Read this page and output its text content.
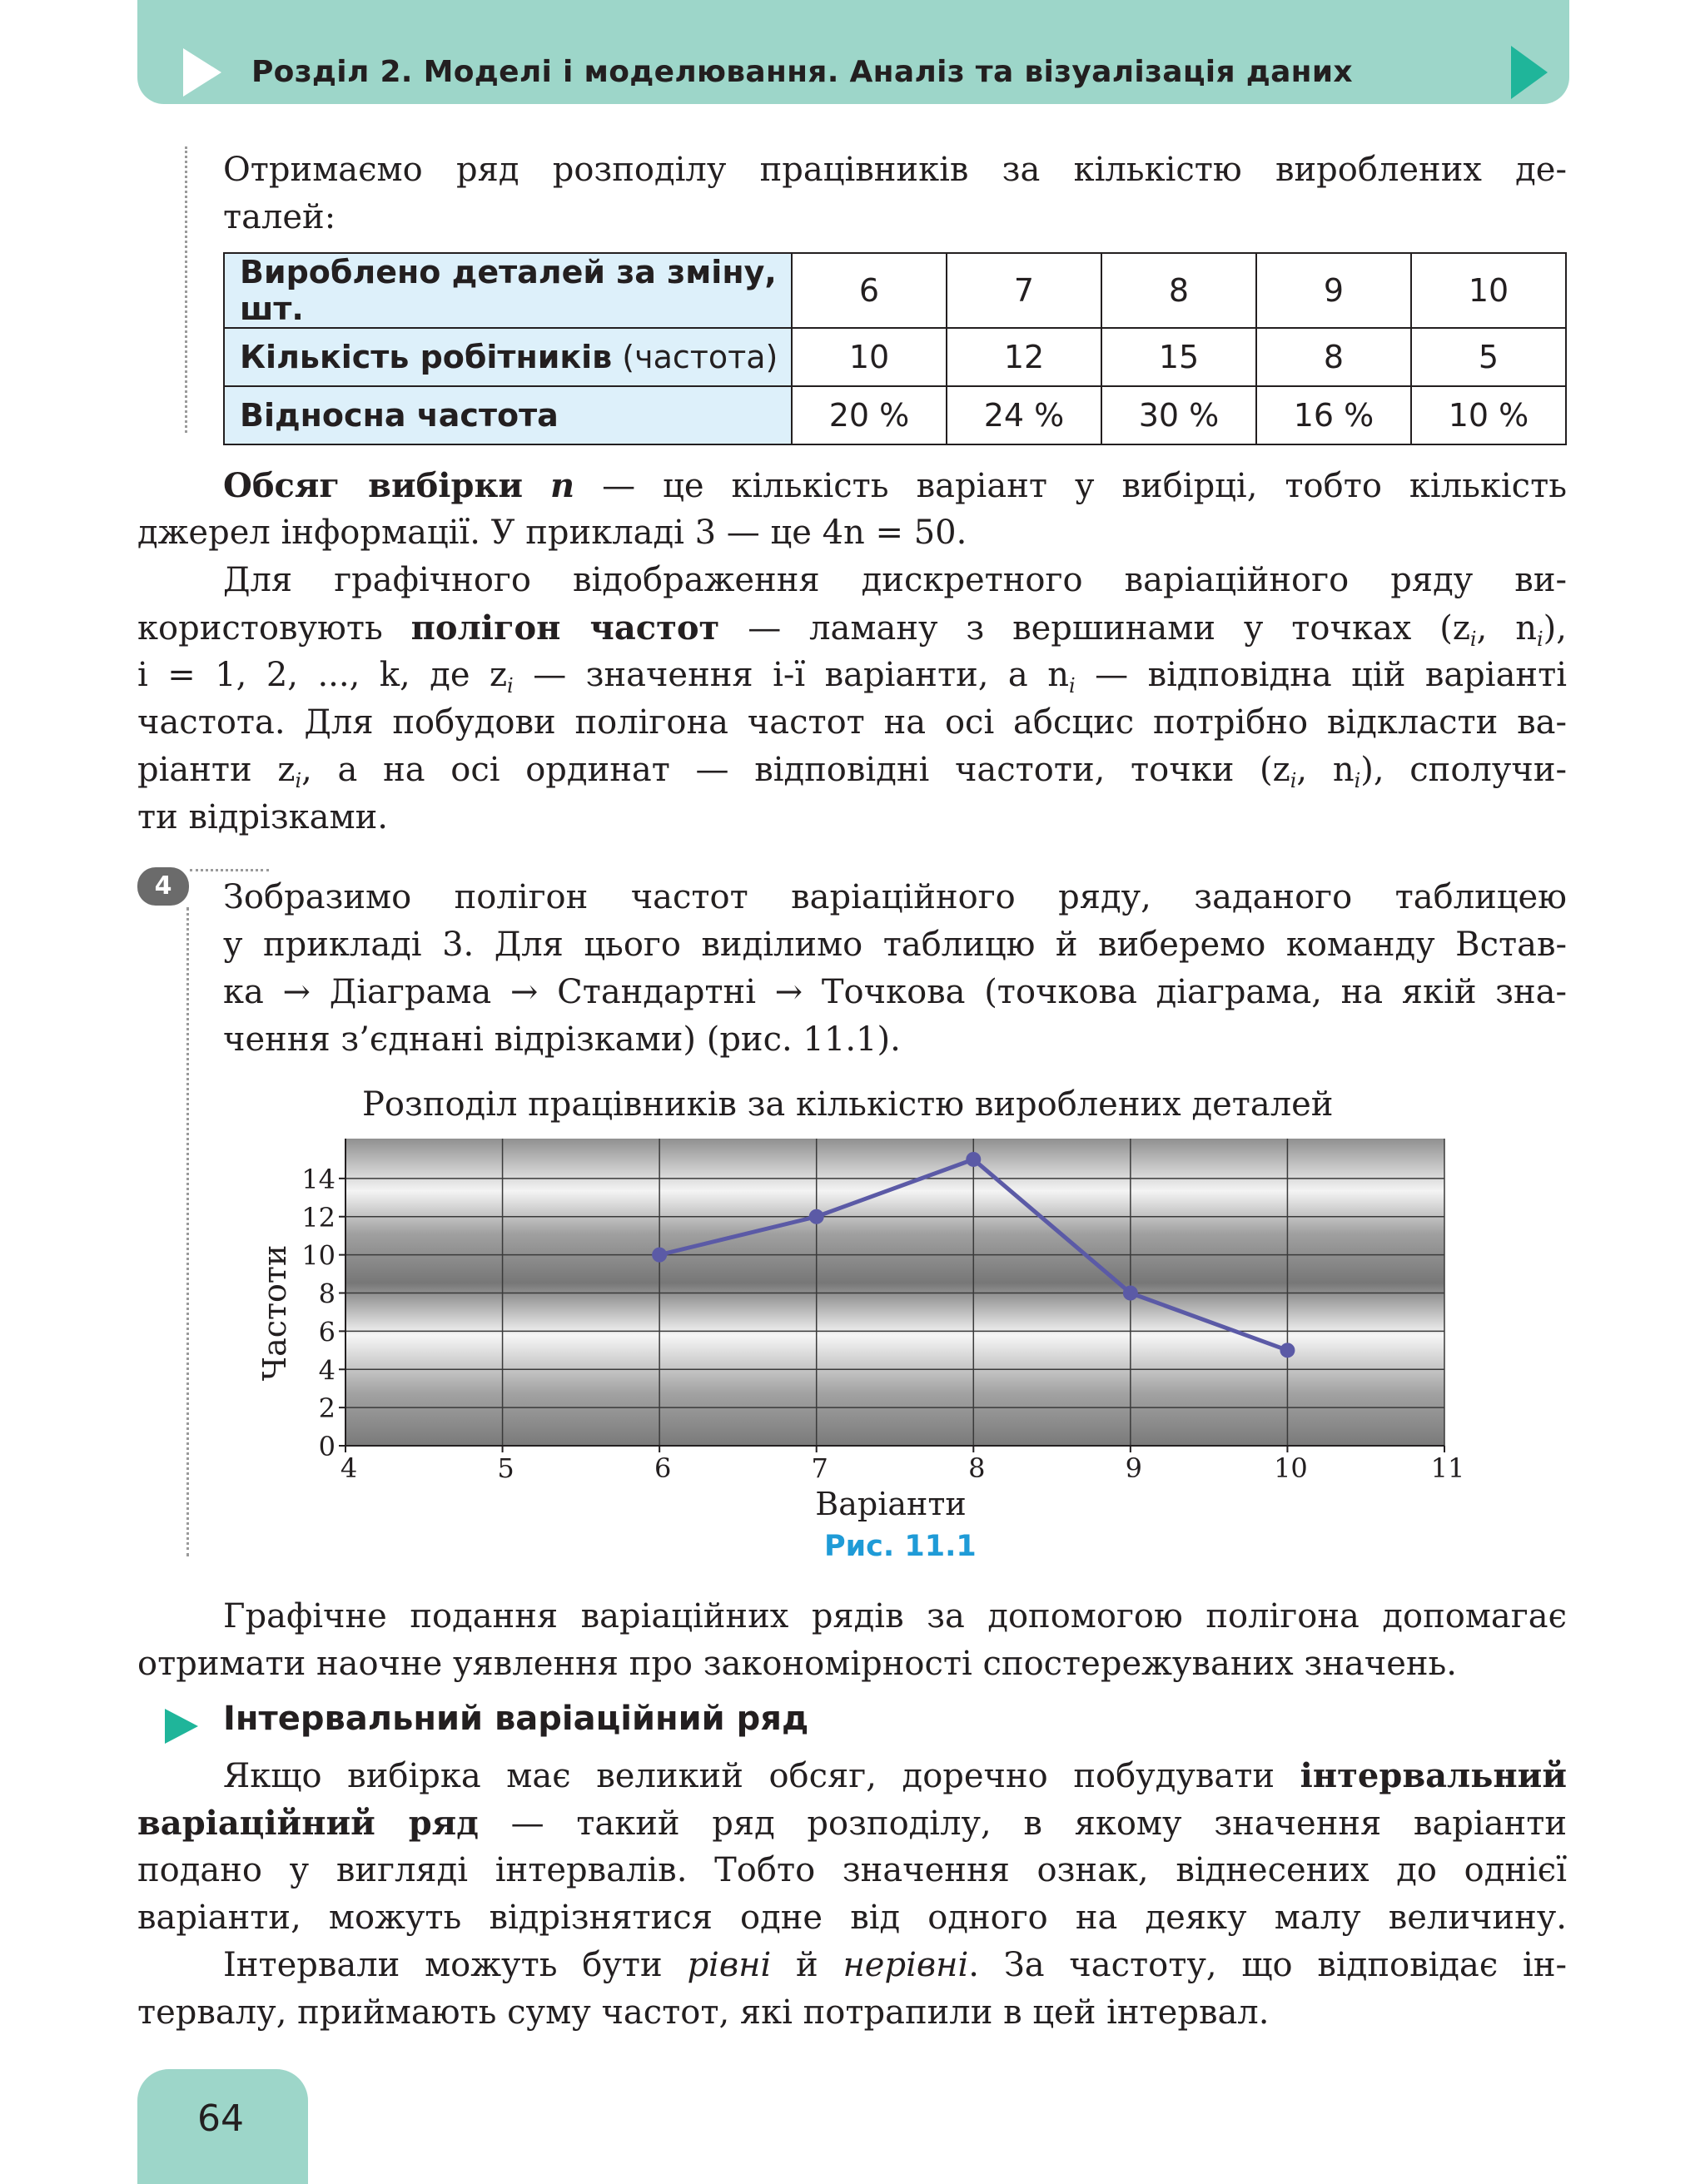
Розділ 2. Моделі і моделювання. Аналіз та візуалізація даних
Отримаємо ряд розподілу працівників за кількістю вироблених де-
талей:
Вироблено деталей за зміну, шт.	6	7	8	9	10
Кількість робітників (частота)	10	12	15	8	5
Відносна частота	20 %	24 %	30 %	16 %	10 %
Обсяг вибірки n — це кількість варіант у вибірці, тобто кількість
джерел інформації. У прикладі 3 — це 4n = 50.
Для графічного відображення дискретного варіаційного ряду ви-
користовують полігон частот — ламану з вершинами у точках ($z_i$, $n_i$),
i = 1, 2, ..., k, де $z_i$ — значення i-ї варіанти, а $n_i$ — відповідна цій варіанті
частота. Для побудови полігона частот на осі абсцис потрібно відкласти ва-
ріанти $z_i$, а на осі ординат — відповідні частоти, точки ($z_i$, $n_i$), сполучи-
ти відрізками.
4	Зобразимо полігон частот варіаційного ряду, заданого таблицею
у прикладі 3. Для цього виділимо таблицю й виберемо команду Встав-
ка → Діаграма → Стандартні → Точкова (точкова діаграма, на якій зна-
чення з’єднані відрізками) (рис. 11.1).
Розподіл працівників за кількістю вироблених деталей
4	5	6	7	8	9	10	11
0
2
4
6
8
10
12
14
Варіанти
Частоти
Рис. 11.1
Графічне подання варіаційних рядів за допомогою полігона допомагає
отримати наочне уявлення про закономірності спостережуваних значень.
Інтервальний варіаційний ряд
Якщо вибірка має великий обсяг, доречно побудувати інтервальний
варіаційний ряд — такий ряд розподілу, в якому значення варіанти
подано у вигляді інтервалів. Тобто значення ознак, віднесених до однієї
варіанти, можуть відрізнятися одне від одного на деяку малу величину.
Інтервали можуть бути рівні й нерівні. За частоту, що відповідає ін-
тервалу, приймають суму частот, які потрапили в цей інтервал.
64
